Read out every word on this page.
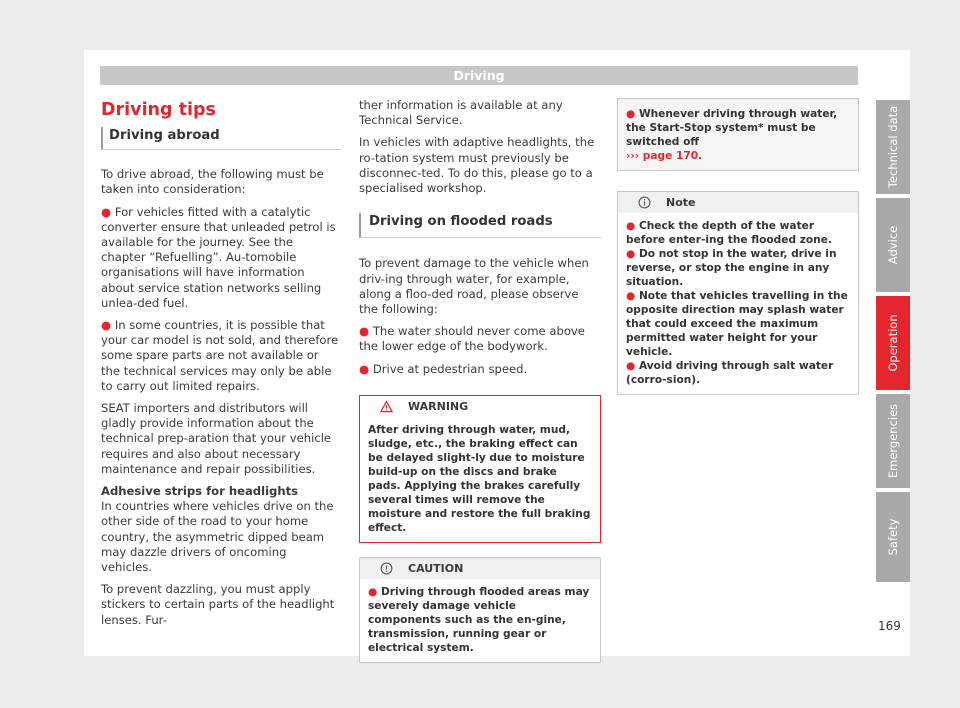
Driving
Driving tips
Driving abroad

To drive abroad, the following must be taken into consideration:

● For vehicles fitted with a catalytic converter ensure that unleaded petrol is available for the journey. See the chapter “Refuelling”. Au-tomobile organisations will have information about service station networks selling unlea-ded fuel.

● In some countries, it is possible that your car model is not sold, and therefore some spare parts are not available or the technical services may only be able to carry out limited repairs.

SEAT importers and distributors will gladly provide information about the technical prep-aration that your vehicle requires and also about necessary maintenance and repair possibilities.

Adhesive strips for headlights

In countries where vehicles drive on the other side of the road to your home country, the asymmetric dipped beam may dazzle drivers of oncoming vehicles.

To prevent dazzling, you must apply stickers to certain parts of the headlight lenses. Fur-

ther information is available at any Technical Service.

In vehicles with adaptive headlights, the ro-tation system must previously be disconnec-ted. To do this, please go to a specialised workshop.

Driving on flooded roads

To prevent damage to the vehicle when driv-ing through water, for example, along a floo-ded road, please observe the following:

● The water should never come above the lower edge of the bodywork.

● Drive at pedestrian speed.

WARNING
After driving through water, mud, sludge, etc., the braking effect can be delayed slight-ly due to moisture build-up on the discs and brake pads. Applying the brakes carefully several times will remove the moisture and restore the full braking effect.
CAUTION
● Driving through flooded areas may severely damage vehicle components such as the en-gine, transmission, running gear or electrical system.
● Whenever driving through water, the Start-Stop system* must be switched off
››› page 170.
Note
● Check the depth of the water before enter-ing the flooded zone.
● Do not stop in the water, drive in reverse, or stop the engine in any situation.
● Note that vehicles travelling in the opposite direction may splash water that could exceed the maximum permitted water height for your vehicle.
● Avoid driving through salt water (corro-sion).
Technical data
Advice
Operation
Emergencies
Safety
169
